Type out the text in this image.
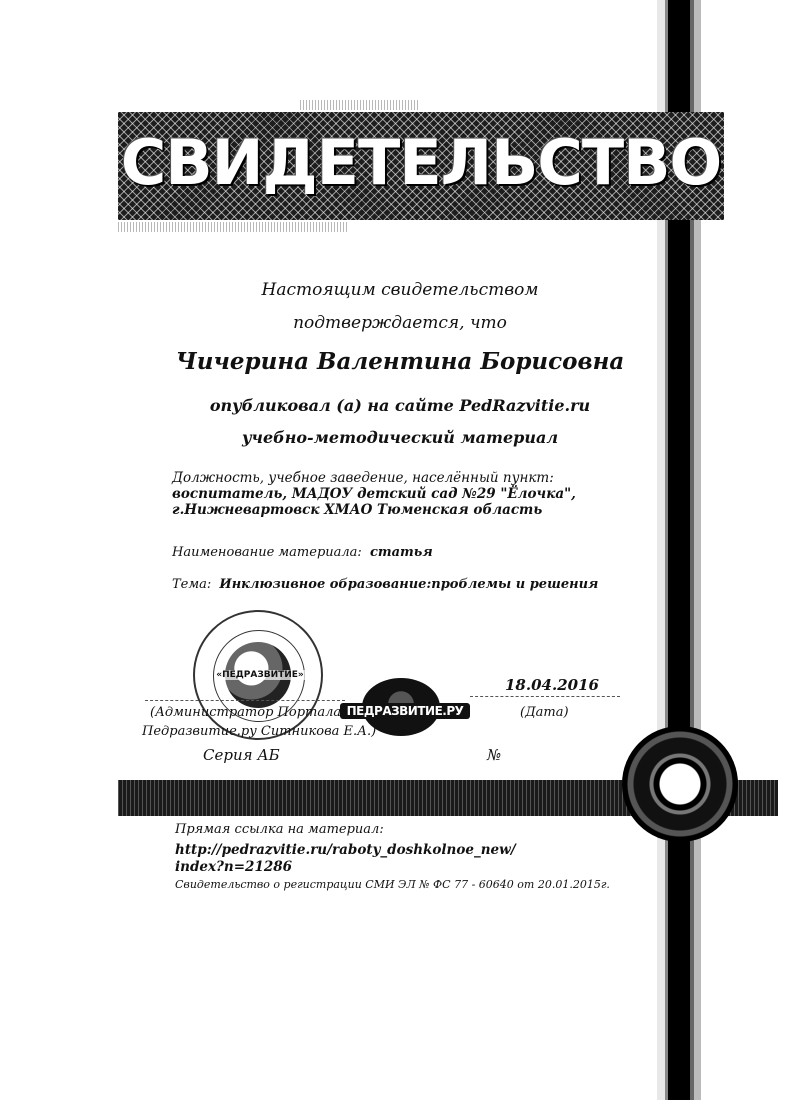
СВИДЕТЕЛЬСТВО
Настоящим свидетельством
подтверждается, что
Чичерина Валентина Борисовна
опубликовал (а) на сайте PedRazvitie.ru
учебно-методический материал
Должность, учебное заведение, населённый пункт:
воспитатель, МАДОУ детский сад №29 "Ёлочка",
г.Нижневартовск ХМАО Тюменская область
Наименование материала: статья
Тема: Инклюзивное образование:проблемы и решения
«ПЕДРАЗВИТИЕ»
ПЕДРАЗВИТИЕ.РУ
18.04.2016
(Дата)
(Администратор Портала
Педразвитие.ру Ситникова Е.А.)
Серия АБ	№
Прямая ссылка на материал:
http://pedrazvitie.ru/raboty_doshkolnoe_new/
index?n=21286
Свидетельство о регистрации СМИ ЭЛ № ФС 77 - 60640 от 20.01.2015г.
